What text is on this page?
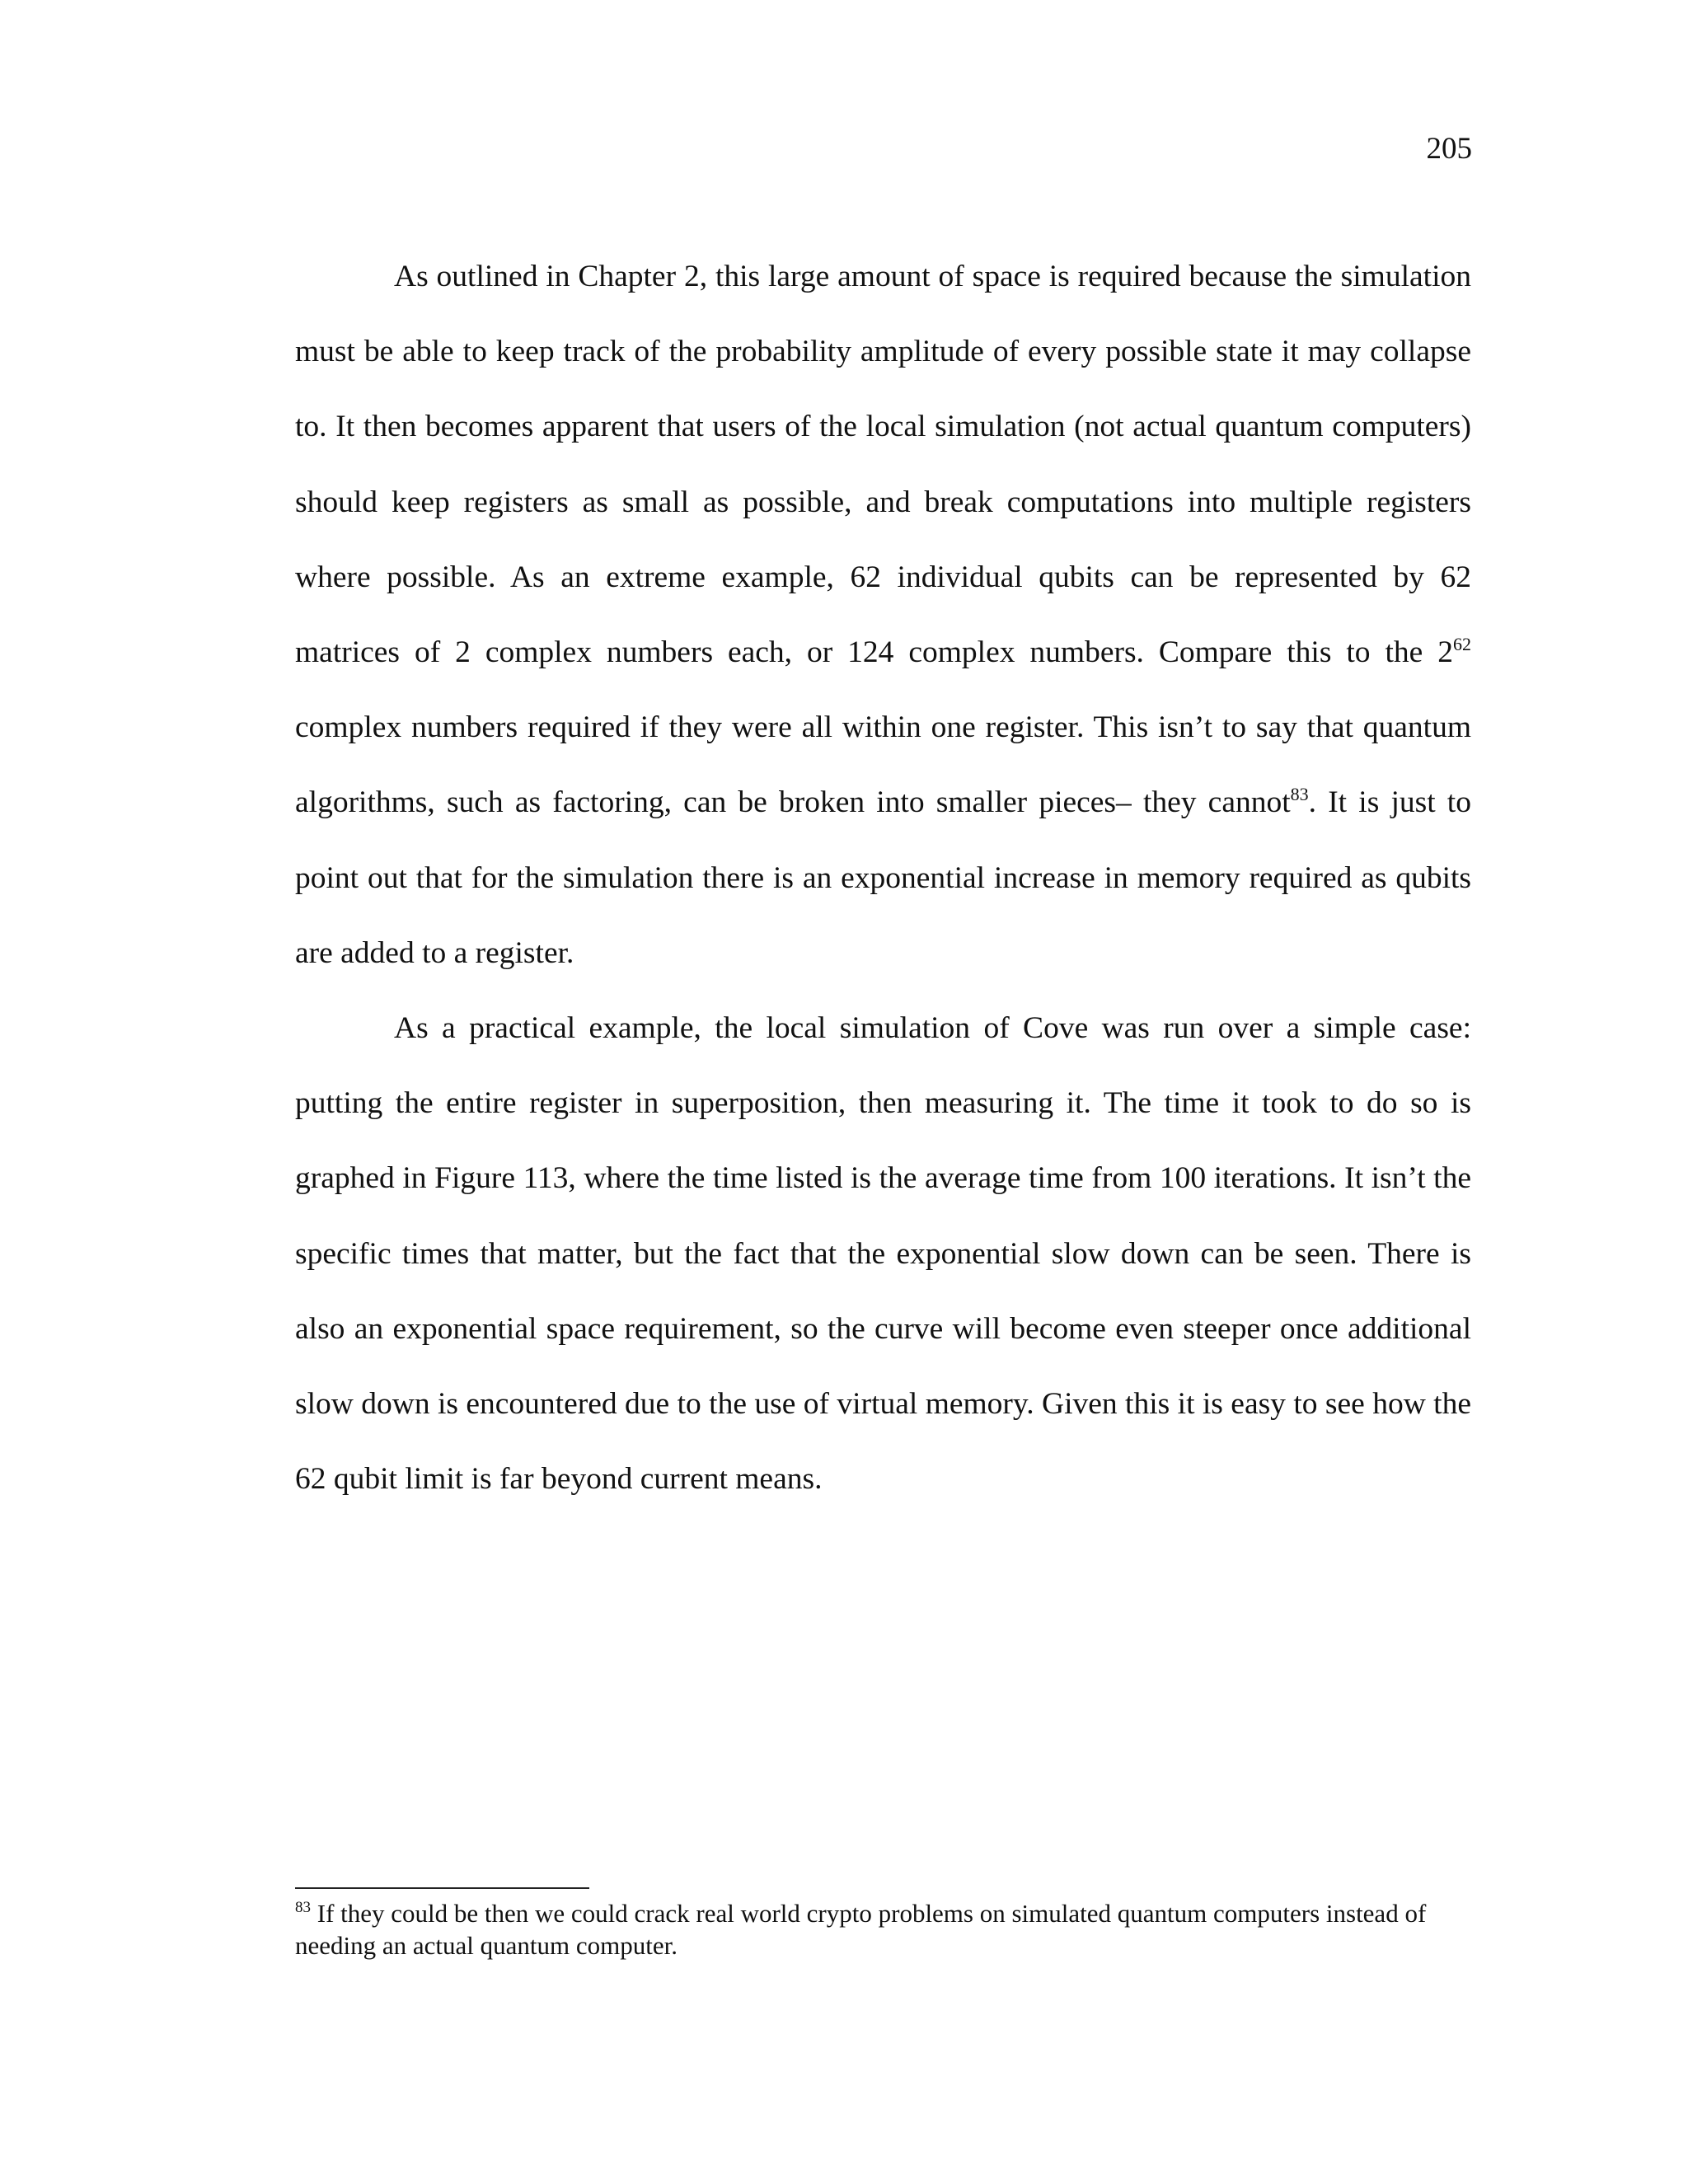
205

As outlined in Chapter 2, this large amount of space is required because the simulation must be able to keep track of the probability amplitude of every possible state it may collapse to. It then becomes apparent that users of the local simulation (not actual quantum computers) should keep registers as small as possible, and break computations into multiple registers where possible. As an extreme example, 62 individual qubits can be represented by 62 matrices of 2 complex numbers each, or 124 complex numbers. Compare this to the $2^{62}$ complex numbers required if they were all within one register. This isn’t to say that quantum algorithms, such as factoring, can be broken into smaller pieces– they cannot$^{83}$. It is just to point out that for the simulation there is an exponential increase in memory required as qubits are added to a register.

As a practical example, the local simulation of Cove was run over a simple case: putting the entire register in superposition, then measuring it. The time it took to do so is graphed in Figure 113, where the time listed is the average time from 100 iterations. It isn’t the specific times that matter, but the fact that the exponential slow down can be seen. There is also an exponential space requirement, so the curve will become even steeper once additional slow down is encountered due to the use of virtual memory. Given this it is easy to see how the 62 qubit limit is far beyond current means.

$^{83}$ If they could be then we could crack real world crypto problems on simulated quantum computers instead of needing an actual quantum computer.
